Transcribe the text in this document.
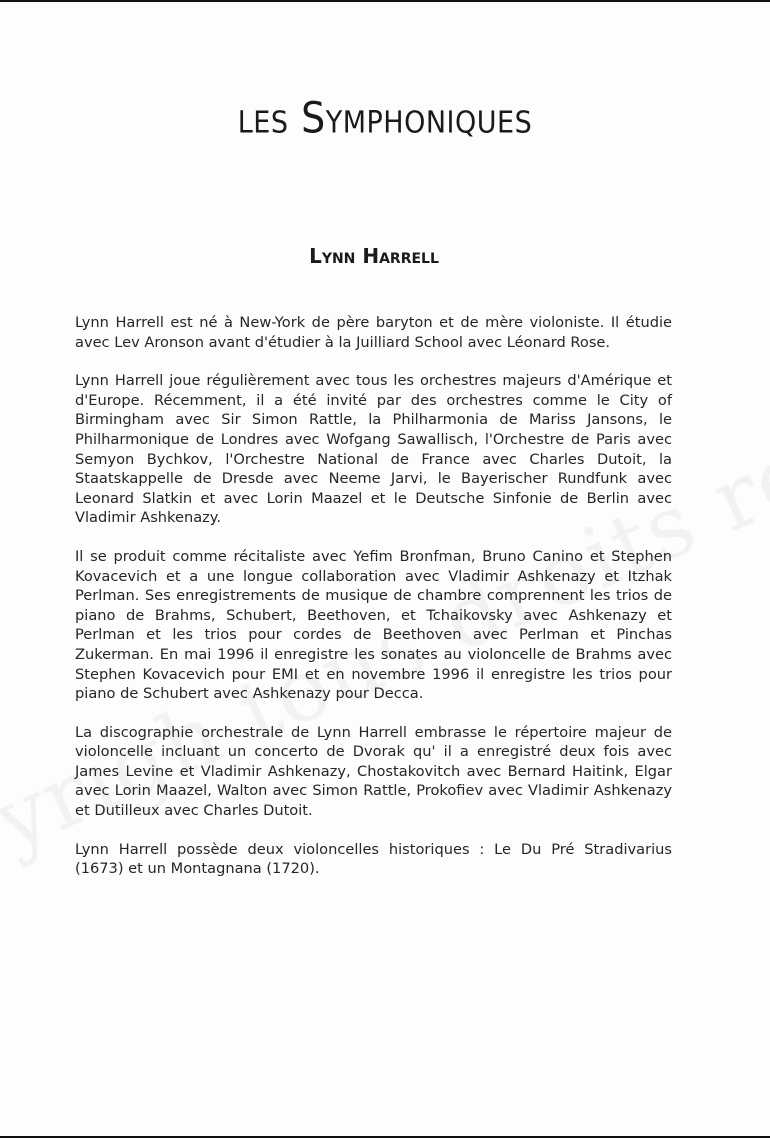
les Symphoniques
Lynn Harrell

Lynn Harrell est né à New-York de père baryton et de mère violoniste. Il étudie avec Lev Aronson avant d'étudier à la Juilliard School avec Léonard Rose.

Lynn Harrell joue régulièrement avec tous les orchestres majeurs d'Amérique et d'Europe. Récemment, il a été invité par des orchestres comme le City of Birmingham avec Sir Simon Rattle, la Philharmonia de Mariss Jansons, le Philharmonique de Londres avec Wofgang Sawallisch, l'Orchestre de Paris avec Semyon Bychkov, l'Orchestre National de France avec Charles Dutoit, la Staatskappelle de Dresde avec Neeme Jarvi, le Bayerischer Rundfunk avec Leonard Slatkin et avec Lorin Maazel et le Deutsche Sinfonie de Berlin avec Vladimir Ashkenazy.

Il se produit comme récitaliste avec Yefim Bronfman, Bruno Canino et Stephen Kovacevich et a une longue collaboration avec Vladimir Ashkenazy et Itzhak Perlman. Ses enregistrements de musique de chambre comprennent les trios de piano de Brahms, Schubert, Beethoven, et Tchaikovsky avec Ashkenazy et Perlman et les trios pour cordes de Beethoven avec Perlman et Pinchas Zukerman. En mai 1996 il enregistre les sonates au violoncelle de Brahms avec Stephen Kovacevich pour EMI et en novembre 1996 il enregistre les trios pour piano de Schubert avec Ashkenazy pour Decca.

La discographie orchestrale de Lynn Harrell embrasse le répertoire majeur de violoncelle incluant un concerto de Dvorak qu' il a enregistré deux fois avec James Levine et Vladimir Ashkenazy, Chostakovitch avec Bernard Haitink, Elgar avec Lorin Maazel, Walton avec Simon Rattle, Prokofiev avec Vladimir Ashkenazy et Dutilleux avec Charles Dutoit.

Lynn Harrell possède deux violoncelles historiques : Le Du Pré Stradivarius (1673) et un Montagnana (1720).
